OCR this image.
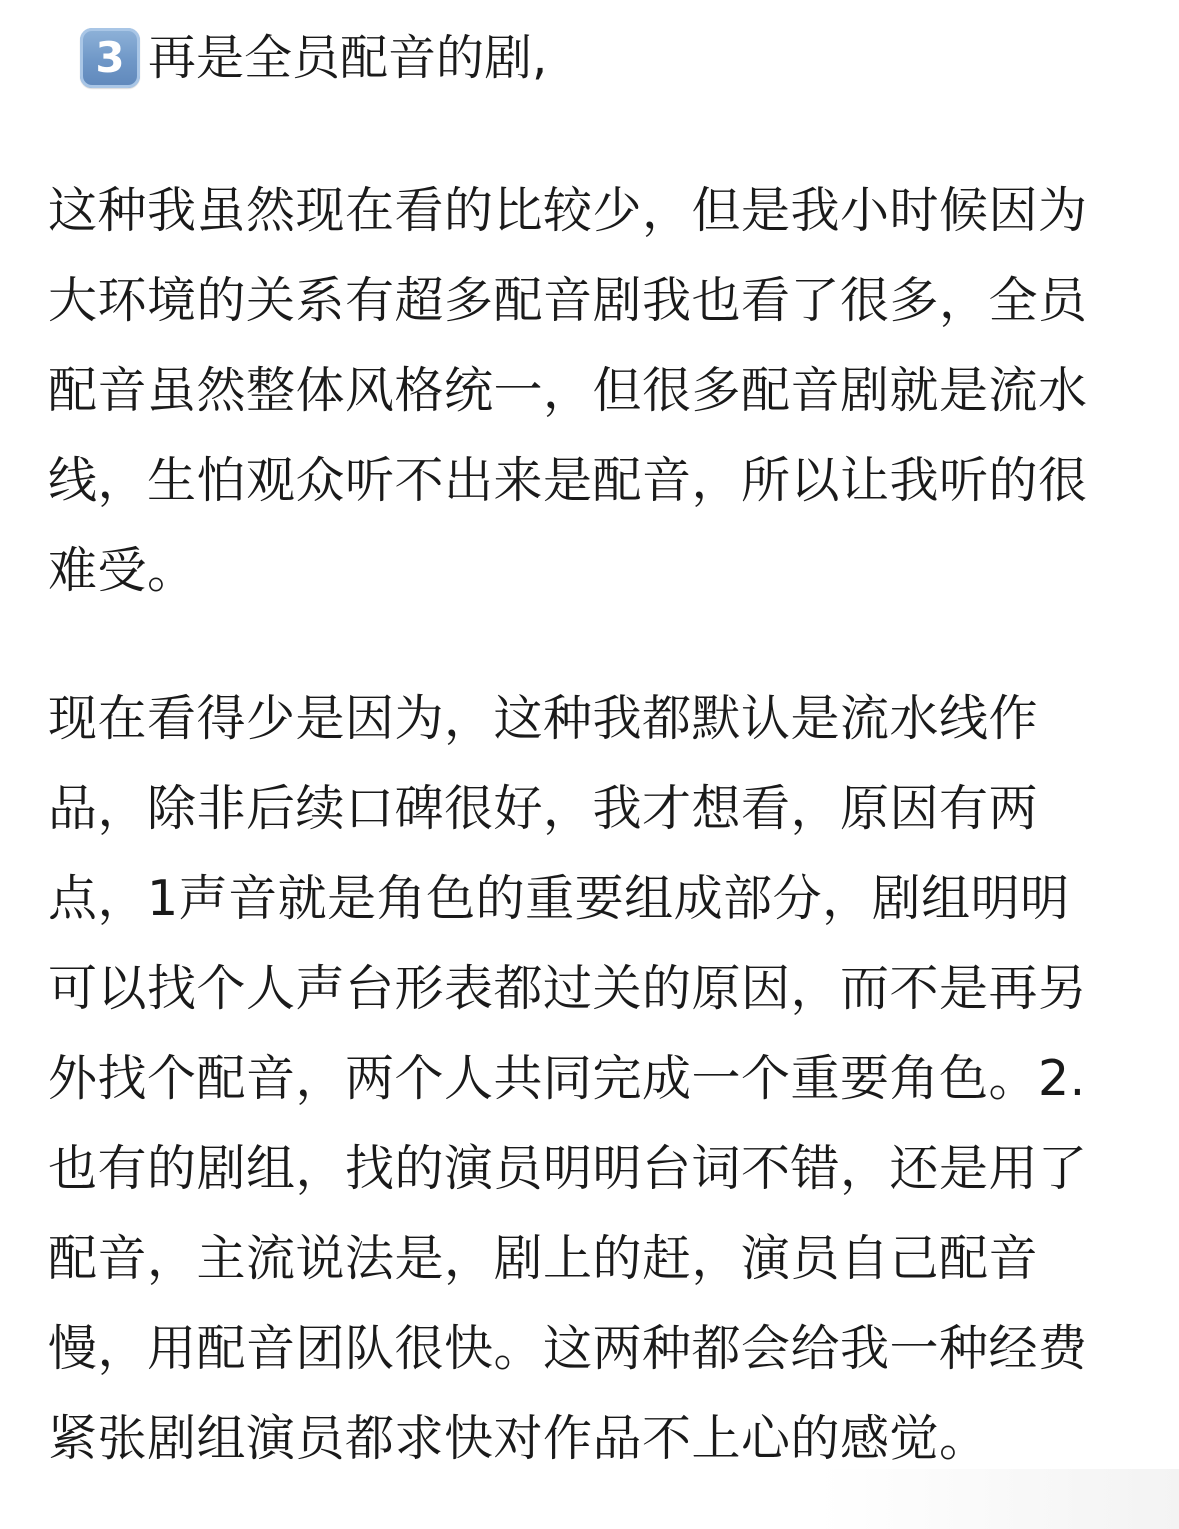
3 再是全员配音的剧,

这种我虽然现在看的比较少，但是我小时候因为
大环境的关系有超多配音剧我也看了很多，全员
配音虽然整体风格统一，但很多配音剧就是流水
线，生怕观众听不出来是配音，所以让我听的很
难受。

现在看得少是因为，这种我都默认是流水线作
品，除非后续口碑很好，我才想看，原因有两
点，1声音就是角色的重要组成部分，剧组明明
可以找个人声台形表都过关的原因，而不是再另
外找个配音，两个人共同完成一个重要角色。2.
也有的剧组，找的演员明明台词不错，还是用了
配音，主流说法是，剧上的赶，演员自己配音
慢，用配音团队很快。这两种都会给我一种经费
紧张剧组演员都求快对作品不上心的感觉。
